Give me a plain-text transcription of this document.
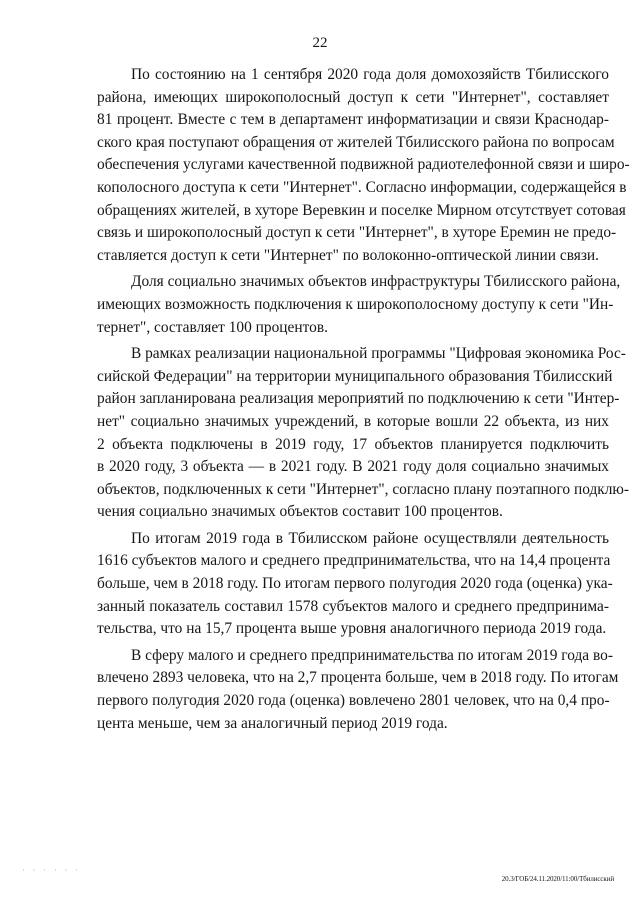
22

По состоянию на 1 сентября 2020 года доля домохозяйств Тбилисского
района, имеющих широкополосный доступ к сети "Интернет", составляет
81 процент. Вместе с тем в департамент информатизации и связи Краснодар-
ского края поступают обращения от жителей Тбилисского района по вопросам
обеспечения услугами качественной подвижной радиотелефонной связи и широ-
кополосного доступа к сети "Интернет". Согласно информации, содержащейся в
обращениях жителей, в хуторе Веревкин и поселке Мирном отсутствует сотовая
связь и широкополосный доступ к сети "Интернет", в хуторе Еремин не предо-
ставляется доступ к сети "Интернет" по волоконно-оптической линии связи.

Доля социально значимых объектов инфраструктуры Тбилисского района,
имеющих возможность подключения к широкополосному доступу к сети "Ин-
тернет", составляет 100 процентов.

В рамках реализации национальной программы "Цифровая экономика Рос-
сийской Федерации" на территории муниципального образования Тбилисский
район запланирована реализация мероприятий по подключению к сети "Интер-
нет" социально значимых учреждений, в которые вошли 22 объекта, из них
2 объекта подключены в 2019 году, 17 объектов планируется подключить
в 2020 году, 3 объекта — в 2021 году. В 2021 году доля социально значимых
объектов, подключенных к сети "Интернет", согласно плану поэтапного подклю-
чения социально значимых объектов составит 100 процентов.

По итогам 2019 года в Тбилисском районе осуществляли деятельность
1616 субъектов малого и среднего предпринимательства, что на 14,4 процента
больше, чем в 2018 году. По итогам первого полугодия 2020 года (оценка) ука-
занный показатель составил 1578 субъектов малого и среднего предпринима-
тельства, что на 15,7 процента выше уровня аналогичного периода 2019 года.

В сферу малого и среднего предпринимательства по итогам 2019 года во-
влечено 2893 человека, что на 2,7 процента больше, чем в 2018 году. По итогам
первого полугодия 2020 года (оценка) вовлечено 2801 человек, что на 0,4 про-
цента меньше, чем за аналогичный период 2019 года.

· · · · · ·
20.3/ГОБ/24.11.2020/11:00/Тбилисский
